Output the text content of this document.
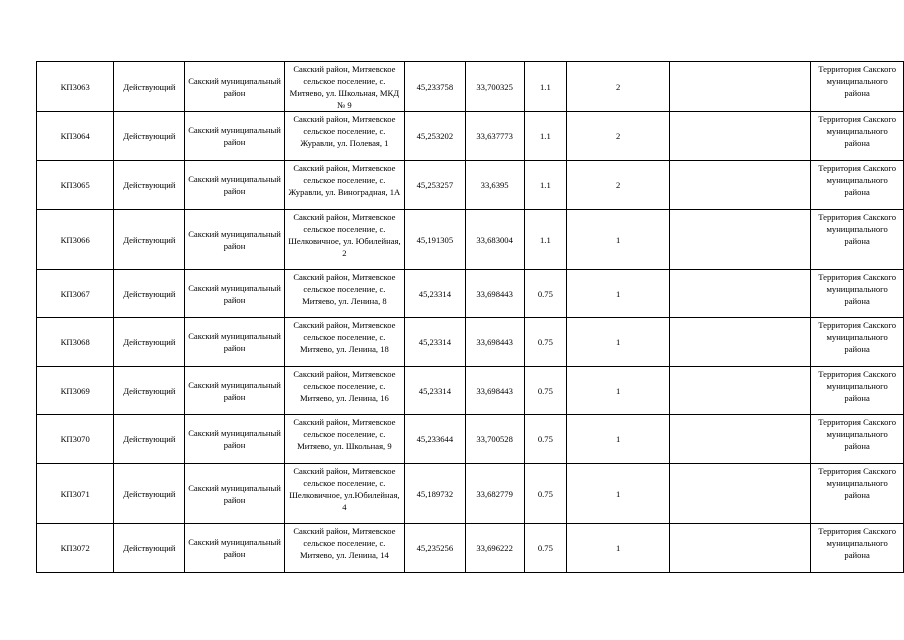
КП3063	Действующий	Сакский муниципальный район	Сакский район, Митяевское сельское поселение, с. Митяево, ул. Школьная, МКД № 9	45,233758	33,700325	1.1	2		Территория Сакского муниципального района
КП3064	Действующий	Сакский муниципальный район	Сакский район, Митяевское сельское поселение, с. Журавли, ул. Полевая, 1	45,253202	33,637773	1.1	2		Территория Сакского муниципального района
КП3065	Действующий	Сакский муниципальный район	Сакский район, Митяевское сельское поселение, с. Журавли, ул. Виноградная, 1А	45,253257	33,6395	1.1	2		Территория Сакского муниципального района
КП3066	Действующий	Сакский муниципальный район	Сакский район, Митяевское сельское поселение, с. Шелковичное, ул. Юбилейная, 2	45,191305	33,683004	1.1	1		Территория Сакского муниципального района
КП3067	Действующий	Сакский муниципальный район	Сакский район, Митяевское сельское поселение, с. Митяево, ул. Ленина, 8	45,23314	33,698443	0.75	1		Территория Сакского муниципального района
КП3068	Действующий	Сакский муниципальный район	Сакский район, Митяевское сельское поселение, с. Митяево, ул. Ленина, 18	45,23314	33,698443	0.75	1		Территория Сакского муниципального района
КП3069	Действующий	Сакский муниципальный район	Сакский район, Митяевское сельское поселение, с. Митяево, ул. Ленина, 16	45,23314	33,698443	0.75	1		Территория Сакского муниципального района
КП3070	Действующий	Сакский муниципальный район	Сакский район, Митяевское сельское поселение, с. Митяево, ул. Школьная, 9	45,233644	33,700528	0.75	1		Территория Сакского муниципального района
КП3071	Действующий	Сакский муниципальный район	Сакский район, Митяевское сельское поселение, с. Шелковичное, ул.Юбилейная, 4	45,189732	33,682779	0.75	1		Территория Сакского муниципального района
КП3072	Действующий	Сакский муниципальный район	Сакский район, Митяевское сельское поселение, с. Митяево, ул. Ленина, 14	45,235256	33,696222	0.75	1		Территория Сакского муниципального района
